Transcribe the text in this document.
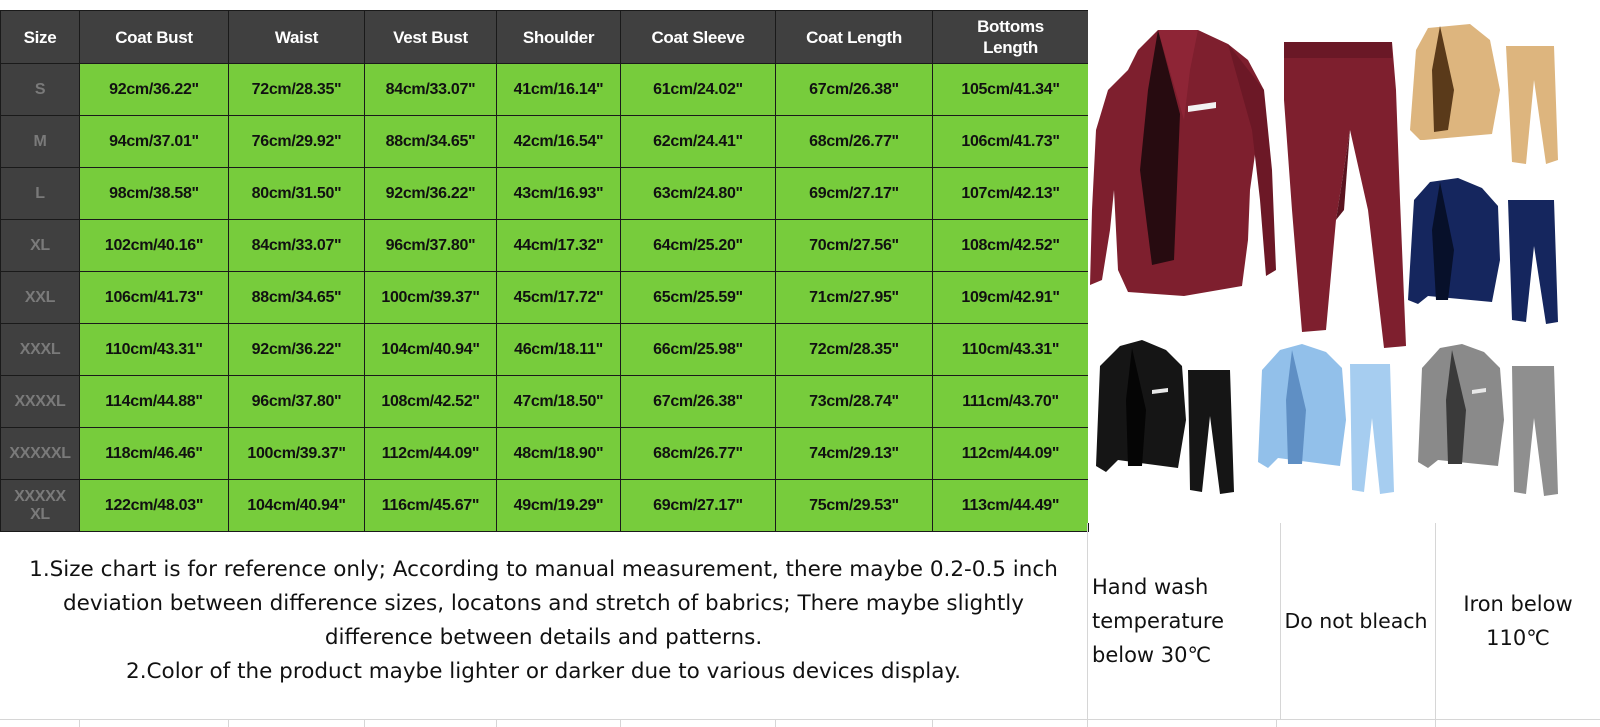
Size	Coat Bust	Waist	Vest Bust	Shoulder	Coat Sleeve	Coat Length	Bottoms Length
S	92cm/36.22"	72cm/28.35"	84cm/33.07"	41cm/16.14"	61cm/24.02"	67cm/26.38"	105cm/41.34"
M	94cm/37.01"	76cm/29.92"	88cm/34.65"	42cm/16.54"	62cm/24.41"	68cm/26.77"	106cm/41.73"
L	98cm/38.58"	80cm/31.50"	92cm/36.22"	43cm/16.93"	63cm/24.80"	69cm/27.17"	107cm/42.13"
XL	102cm/40.16"	84cm/33.07"	96cm/37.80"	44cm/17.32"	64cm/25.20"	70cm/27.56"	108cm/42.52"
XXL	106cm/41.73"	88cm/34.65"	100cm/39.37"	45cm/17.72"	65cm/25.59"	71cm/27.95"	109cm/42.91"
XXXL	110cm/43.31"	92cm/36.22"	104cm/40.94"	46cm/18.11"	66cm/25.98"	72cm/28.35"	110cm/43.31"
XXXXL	114cm/44.88"	96cm/37.80"	108cm/42.52"	47cm/18.50"	67cm/26.38"	73cm/28.74"	111cm/43.70"
XXXXXL	118cm/46.46"	100cm/39.37"	112cm/44.09"	48cm/18.90"	68cm/26.77"	74cm/29.13"	112cm/44.09"
XXXXX XL	122cm/48.03"	104cm/40.94"	116cm/45.67"	49cm/19.29"	69cm/27.17"	75cm/29.53"	113cm/44.49"

1.Size chart is for reference only; According to manual measurement, there maybe 0.2-0.5 inch

deviation between difference sizes, locatons and stretch of babrics; There maybe slightly

difference between details and patterns.

2.Color of the product maybe lighter or darker due to various devices display.

Hand wash temperature below 30℃
Do not bleach
Iron below 110℃
